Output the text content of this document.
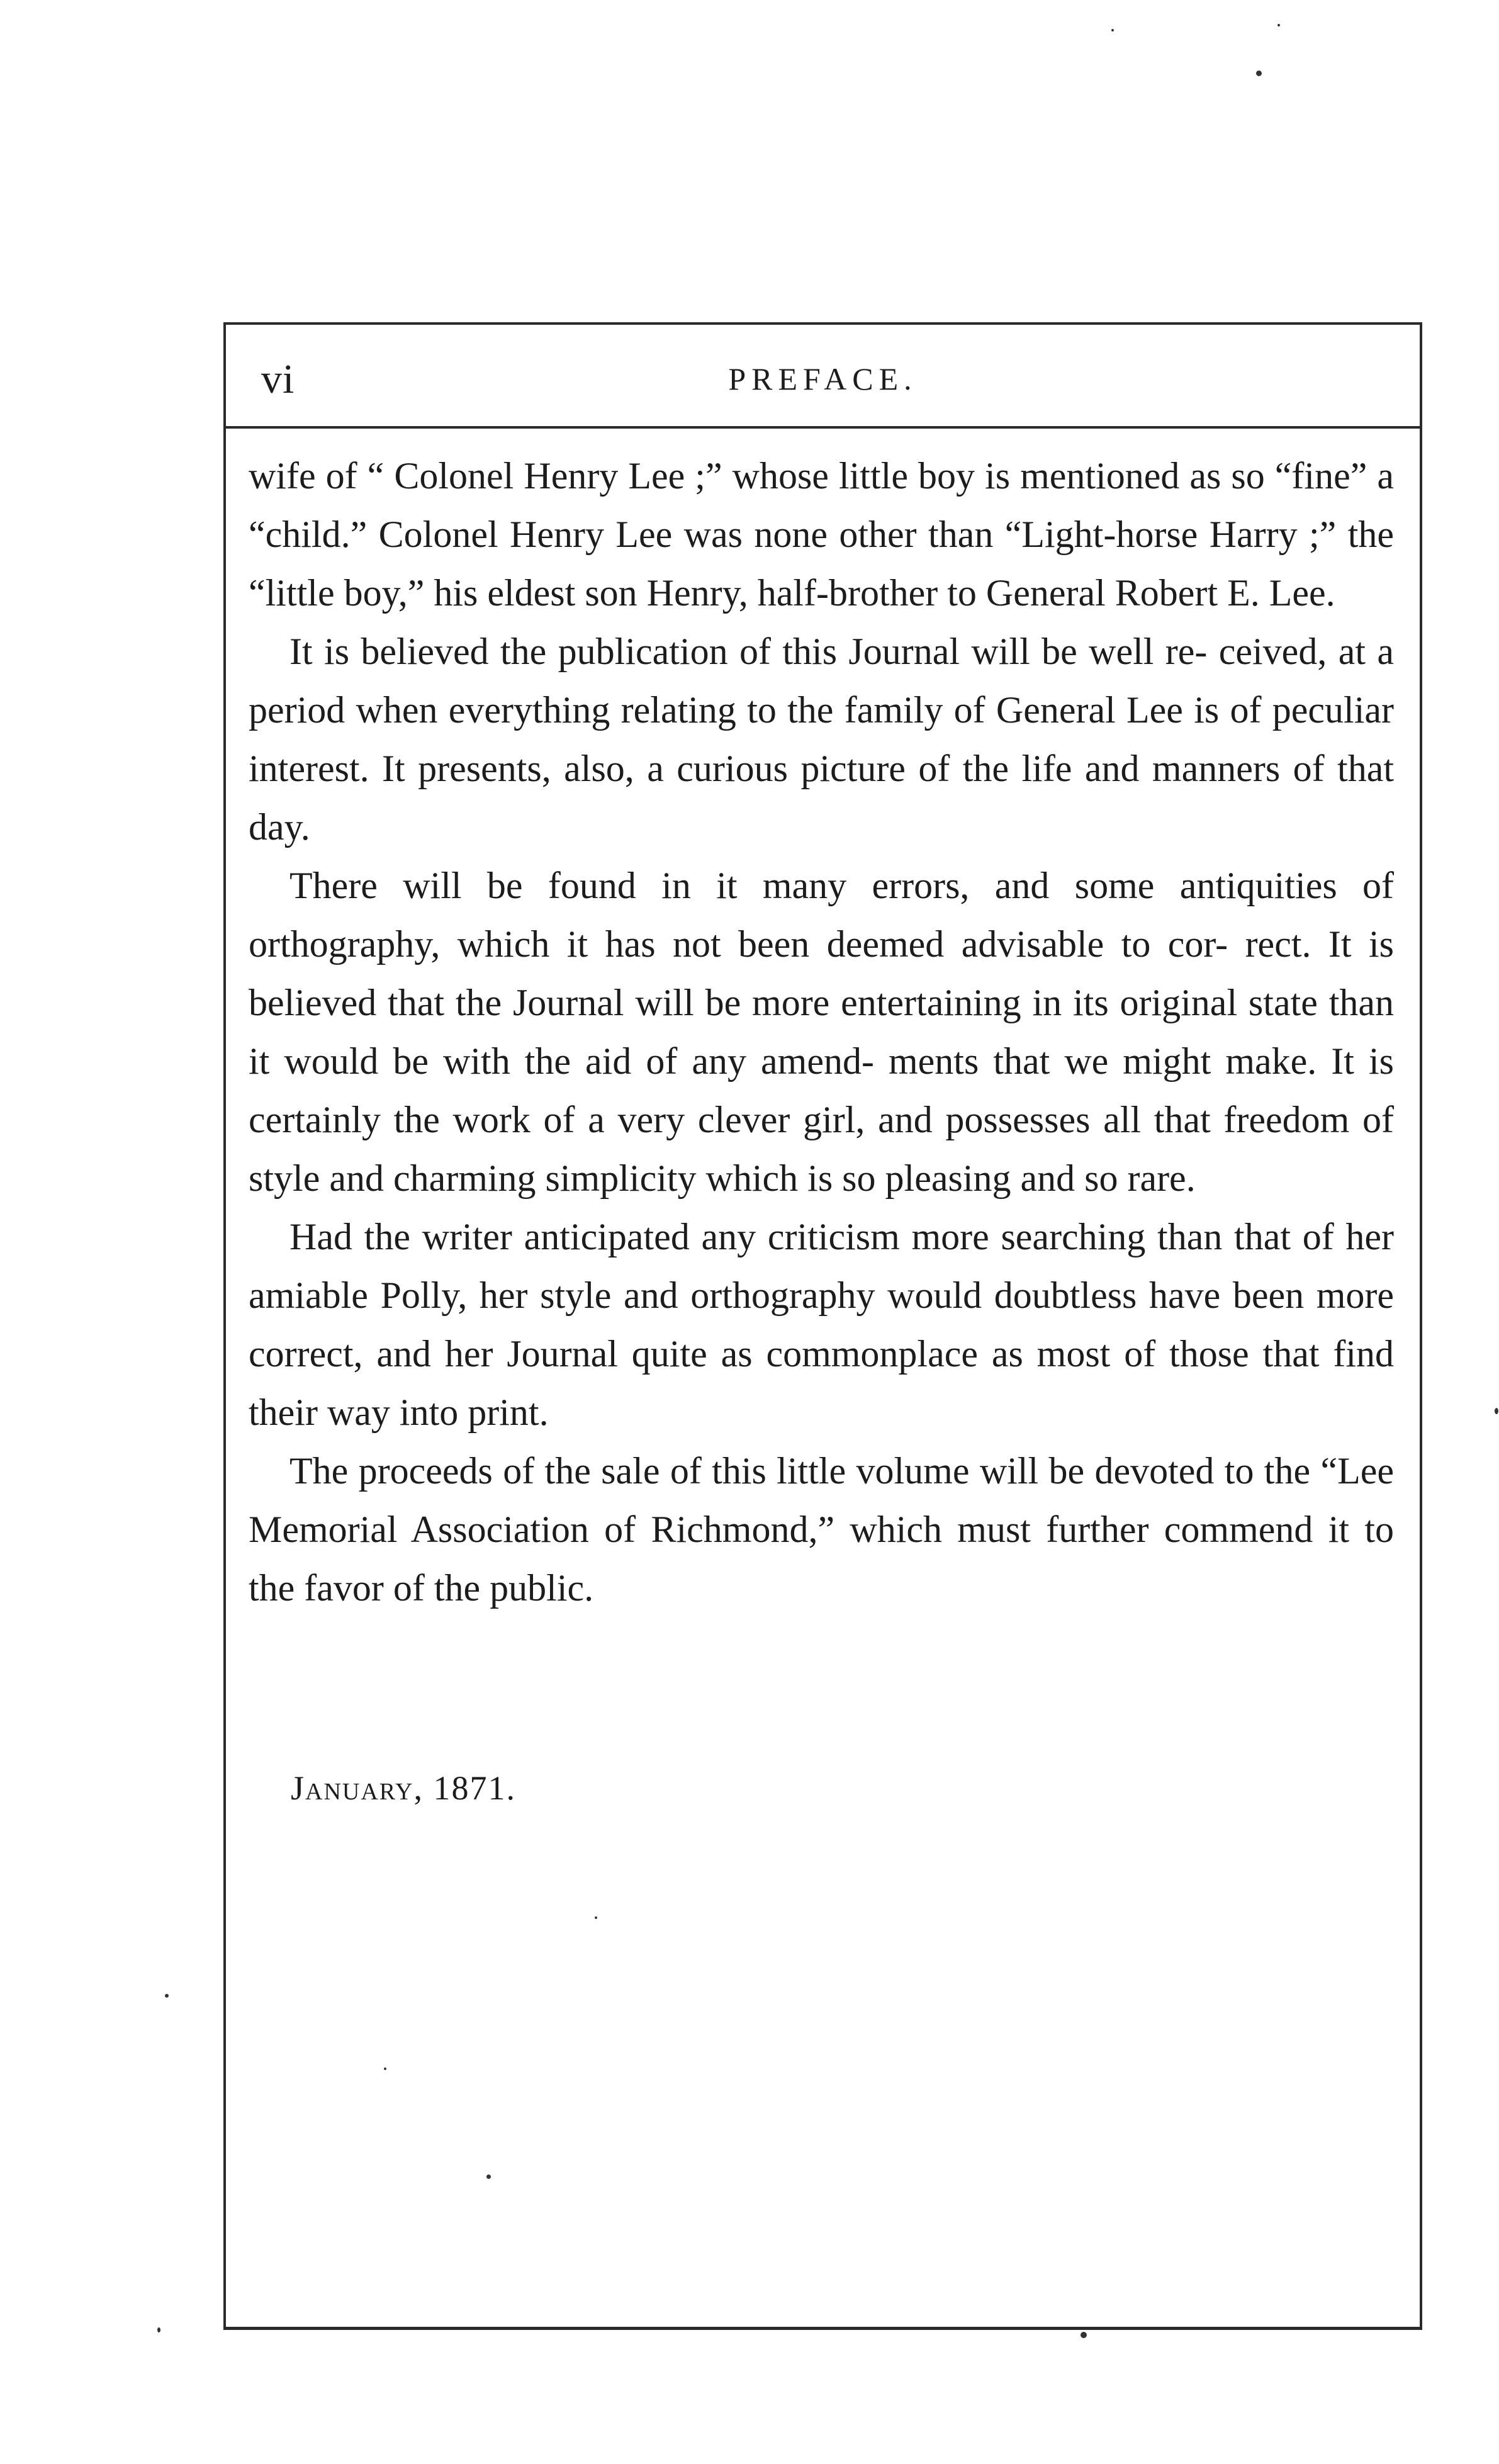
vi	PREFACE.

wife of “ Colonel Henry Lee ;” whose little boy is mentioned as so “fine” a “child.” Colonel Henry Lee was none other than “Light-horse Harry ;” the “little boy,” his eldest son Henry, half-brother to General Robert E. Lee.

It is believed the publication of this Journal will be well re- ceived, at a period when everything relating to the family of General Lee is of peculiar interest. It presents, also, a curious picture of the life and manners of that day.

There will be found in it many errors, and some antiquities of orthography, which it has not been deemed advisable to cor- rect. It is believed that the Journal will be more entertaining in its original state than it would be with the aid of any amend- ments that we might make. It is certainly the work of a very clever girl, and possesses all that freedom of style and charming simplicity which is so pleasing and so rare.

Had the writer anticipated any criticism more searching than that of her amiable Polly, her style and orthography would doubtless have been more correct, and her Journal quite as commonplace as most of those that find their way into print.

The proceeds of the sale of this little volume will be devoted to the “Lee Memorial Association of Richmond,” which must further commend it to the favor of the public.

January, 1871.
